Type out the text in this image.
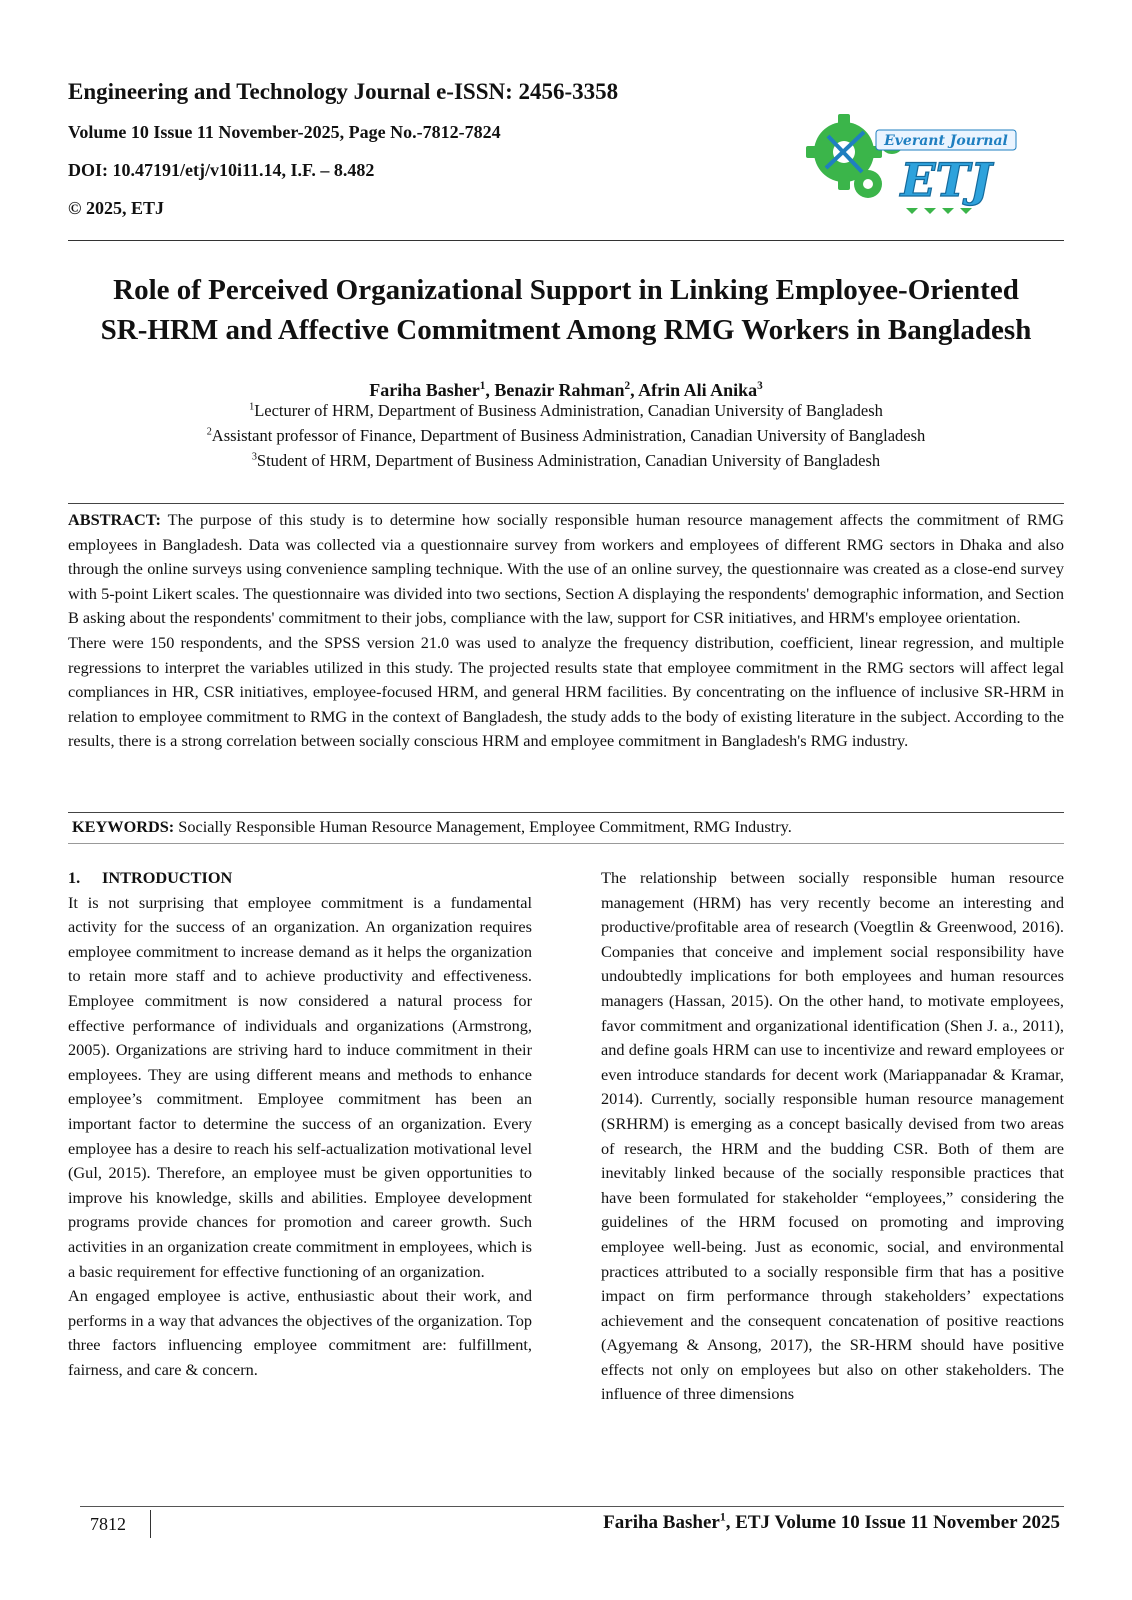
Engineering and Technology Journal e-ISSN: 2456-3358
Volume 10 Issue 11 November-2025, Page No.-7812-7824
DOI: 10.47191/etj/v10i11.14, I.F. – 8.482
© 2025, ETJ
Everant Journal
ETJ
Role of Perceived Organizational Support in Linking Employee-Oriented
SR-HRM and Affective Commitment Among RMG Workers in Bangladesh
Fariha Basher$^1$, Benazir Rahman$^2$, Afrin Ali Anika$^3$
$^1$Lecturer of HRM, Department of Business Administration, Canadian University of Bangladesh
$^2$Assistant professor of Finance, Department of Business Administration, Canadian University of Bangladesh
$^3$Student of HRM, Department of Business Administration, Canadian University of Bangladesh

ABSTRACT: The purpose of this study is to determine how socially responsible human resource management affects the commitment of RMG employees in Bangladesh. Data was collected via a questionnaire survey from workers and employees of different RMG sectors in Dhaka and also through the online surveys using convenience sampling technique. With the use of an online survey, the questionnaire was created as a close-end survey with 5-point Likert scales. The questionnaire was divided into two sections, Section A displaying the respondents' demographic information, and Section B asking about the respondents' commitment to their jobs, compliance with the law, support for CSR initiatives, and HRM's employee orientation.

There were 150 respondents, and the SPSS version 21.0 was used to analyze the frequency distribution, coefficient, linear regression, and multiple regressions to interpret the variables utilized in this study. The projected results state that employee commitment in the RMG sectors will affect legal compliances in HR, CSR initiatives, employee-focused HRM, and general HRM facilities. By concentrating on the influence of inclusive SR-HRM in relation to employee commitment to RMG in the context of Bangladesh, the study adds to the body of existing literature in the subject. According to the results, there is a strong correlation between socially conscious HRM and employee commitment in Bangladesh's RMG industry.

KEYWORDS: Socially Responsible Human Resource Management, Employee Commitment, RMG Industry.

1. INTRODUCTION

It is not surprising that employee commitment is a fundamental activity for the success of an organization. An organization requires employee commitment to increase demand as it helps the organization to retain more staff and to achieve productivity and effectiveness. Employee commitment is now considered a natural process for effective performance of individuals and organizations (Armstrong, 2005). Organizations are striving hard to induce commitment in their employees. They are using different means and methods to enhance employee’s commitment. Employee commitment has been an important factor to determine the success of an organization. Every employee has a desire to reach his self-actualization motivational level (Gul, 2015). Therefore, an employee must be given opportunities to improve his knowledge, skills and abilities. Employee development programs provide chances for promotion and career growth. Such activities in an organization create commitment in employees, which is a basic requirement for effective functioning of an organization.

An engaged employee is active, enthusiastic about their work, and performs in a way that advances the objectives of the organization. Top three factors influencing employee commitment are: fulfillment, fairness, and care & concern.

The relationship between socially responsible human resource management (HRM) has very recently become an interesting and productive/profitable area of research (Voegtlin & Greenwood, 2016). Companies that conceive and implement social responsibility have undoubtedly implications for both employees and human resources managers (Hassan, 2015). On the other hand, to motivate employees, favor commitment and organizational identification (Shen J. a., 2011), and define goals HRM can use to incentivize and reward employees or even introduce standards for decent work (Mariappanadar & Kramar, 2014). Currently, socially responsible human resource management (SRHRM) is emerging as a concept basically devised from two areas of research, the HRM and the budding CSR. Both of them are inevitably linked because of the socially responsible practices that have been formulated for stakeholder “employees,” considering the guidelines of the HRM focused on promoting and improving employee well-being. Just as economic, social, and environmental practices attributed to a socially responsible firm that has a positive impact on firm performance through stakeholders’ expectations achievement and the consequent concatenation of positive reactions (Agyemang & Ansong, 2017), the SR-HRM should have positive effects not only on employees but also on other stakeholders. The influence of three dimensions

7812	Fariha Basher$^1$, ETJ Volume 10 Issue 11 November 2025
